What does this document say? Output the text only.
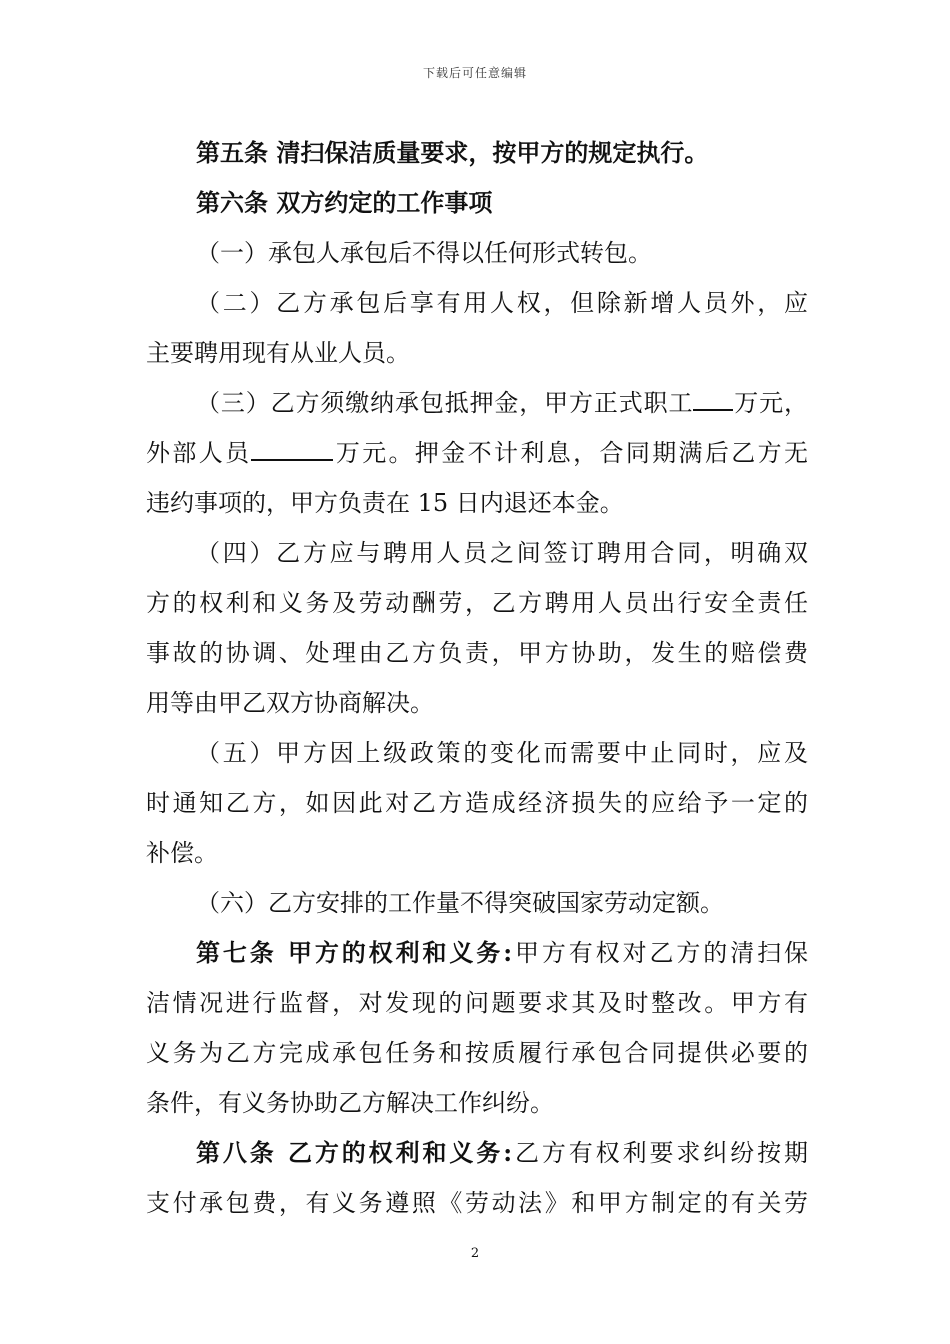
下载后可任意编辑
第五条 清扫保洁质量要求，按甲方的规定执行。
第六条 双方约定的工作事项
（一）承包人承包后不得以任何形式转包。
（二）乙方承包后享有用人权，但除新增人员外，应
主要聘用现有从业人员。
（三）乙方须缴纳承包抵押金，甲方正式职工 万元，
外部人员	万元。押金不计利息，合同期满后乙方无
违约事项的，甲方负责在 15 日内退还本金。
（四）乙方应与聘用人员之间签订聘用合同，明确双
方的权利和义务及劳动酬劳，乙方聘用人员出行安全责任
事故的协调、处理由乙方负责，甲方协助，发生的赔偿费
用等由甲乙双方协商解决。
（五）甲方因上级政策的变化而需要中止同时，应及
时通知乙方，如因此对乙方造成经济损失的应给予一定的
补偿。
（六）乙方安排的工作量不得突破国家劳动定额。
第七条 甲方的权利和义务:甲方有权对乙方的清扫保
洁情况进行监督，对发现的问题要求其及时整改。甲方有
义务为乙方完成承包任务和按质履行承包合同提供必要的
条件，有义务协助乙方解决工作纠纷。
第八条 乙方的权利和义务:乙方有权利要求纠纷按期
支付承包费，有义务遵照《劳动法》和甲方制定的有关劳
2
